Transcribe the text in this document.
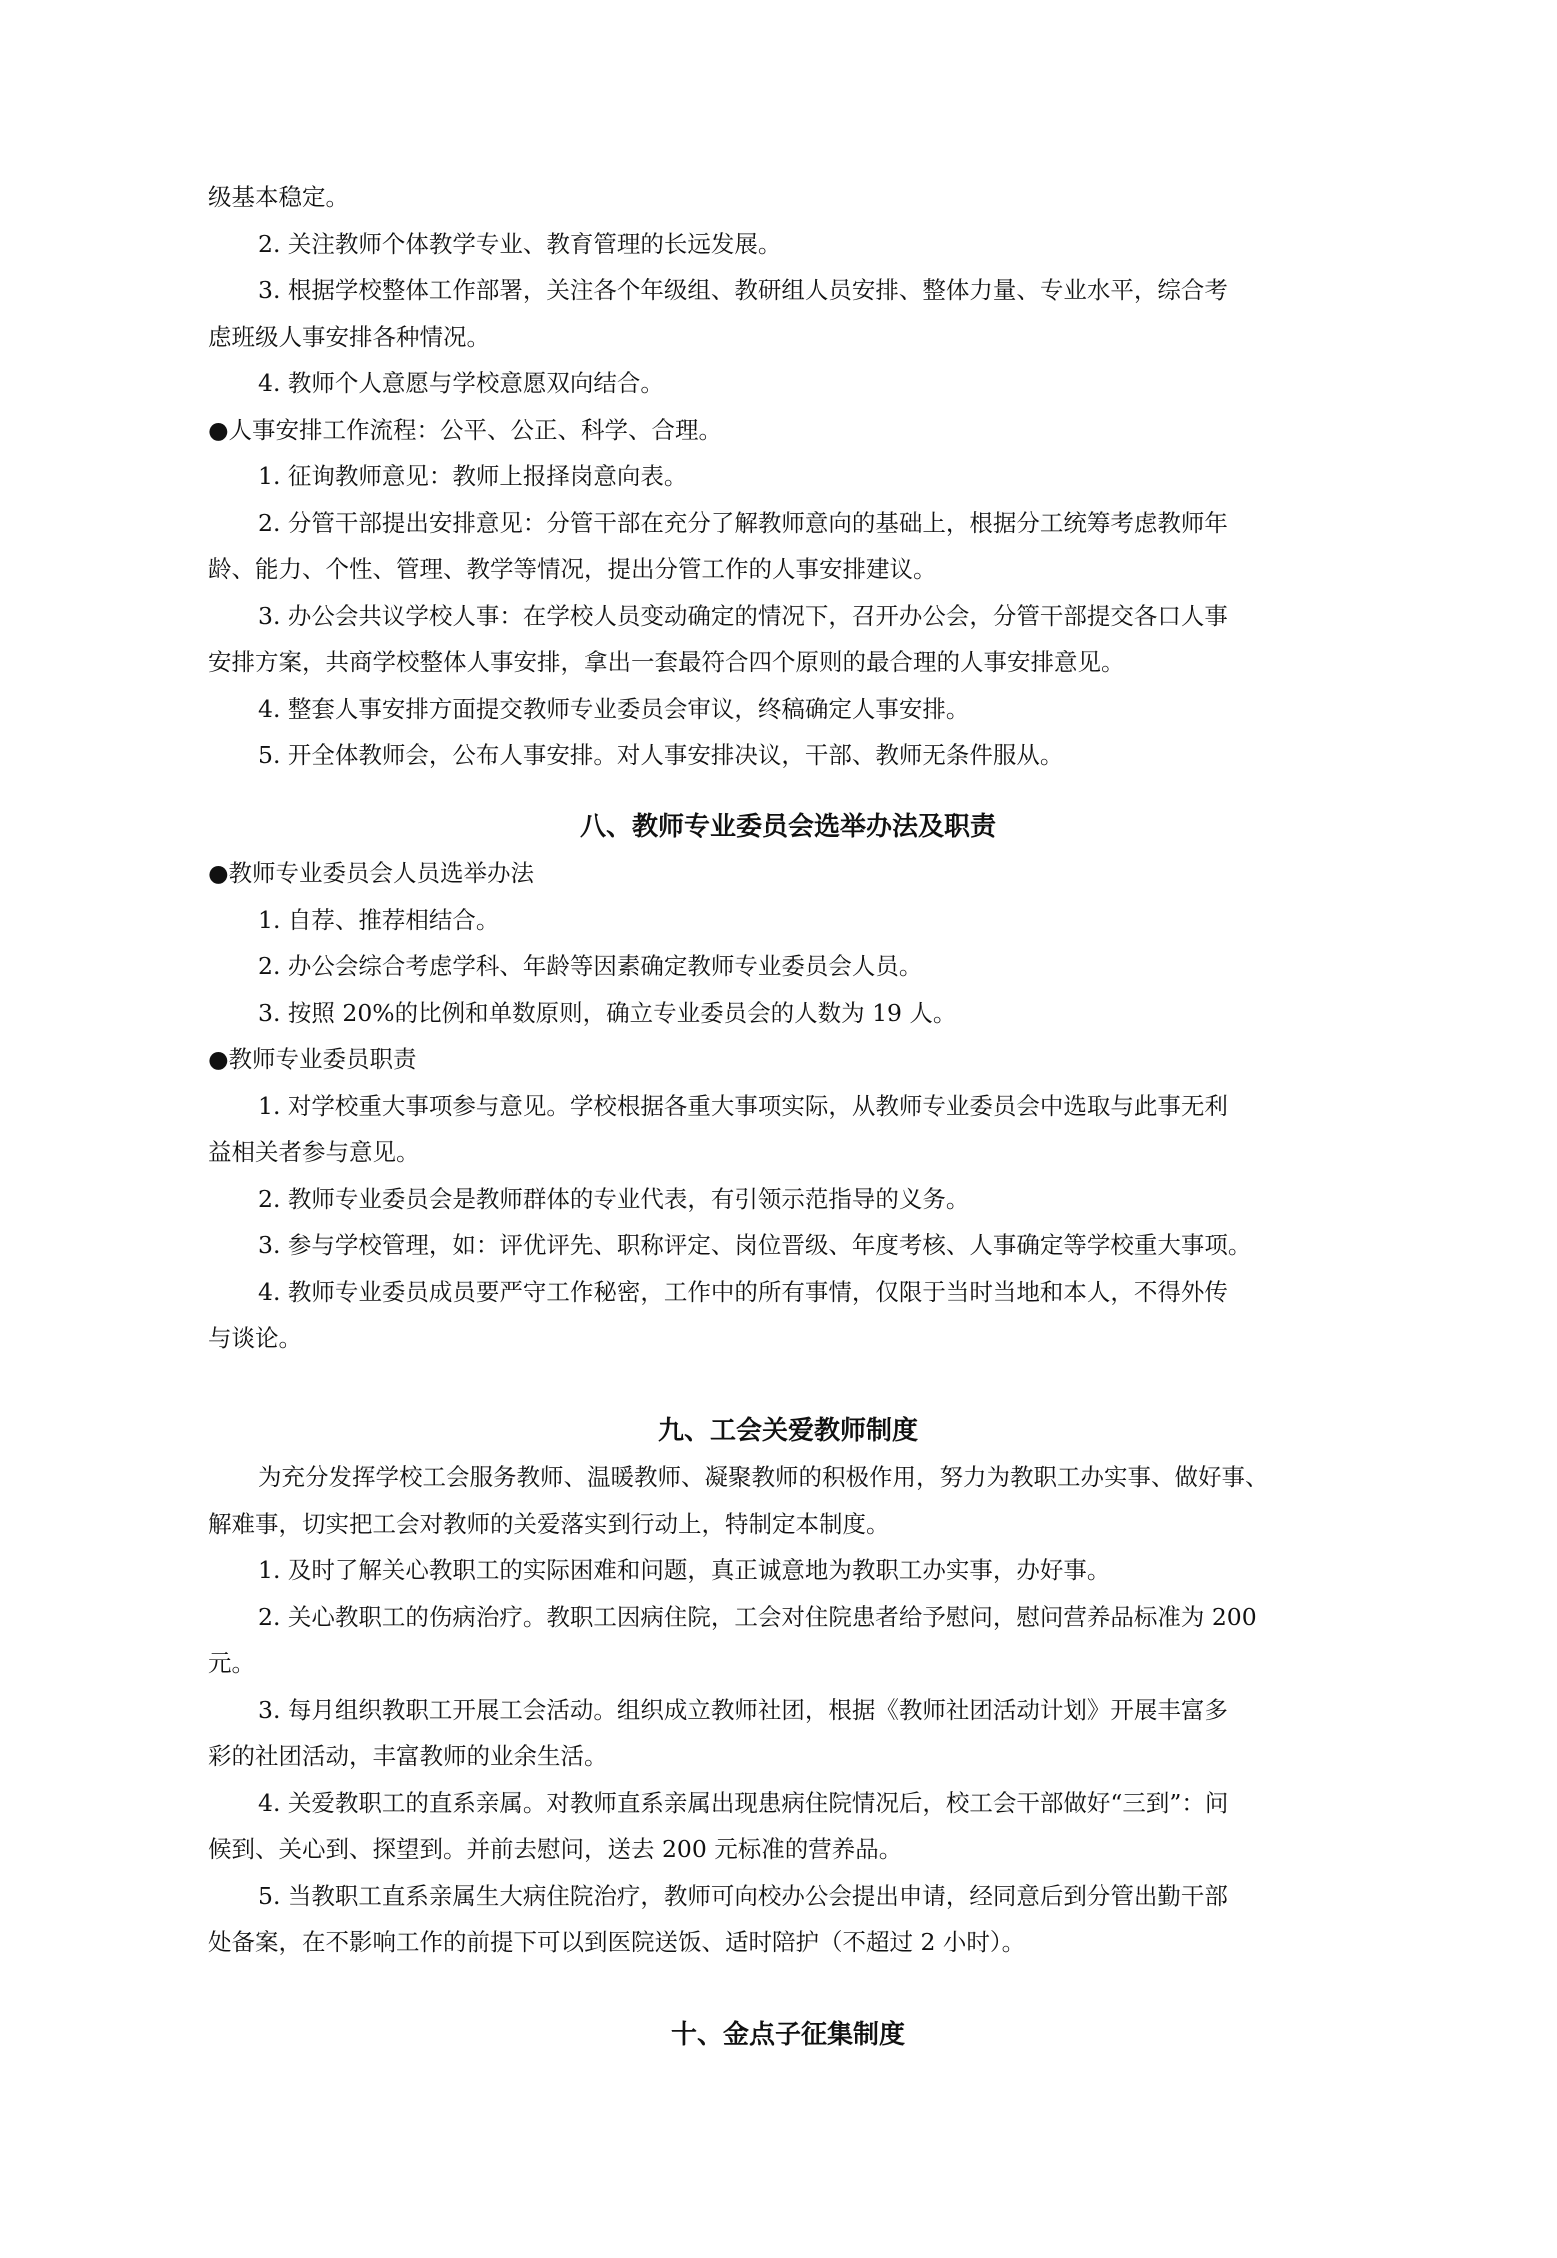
级基本稳定。
2. 关注教师个体教学专业、教育管理的长远发展。
3. 根据学校整体工作部署，关注各个年级组、教研组人员安排、整体力量、专业水平，综合考
虑班级人事安排各种情况。
4. 教师个人意愿与学校意愿双向结合。
●人事安排工作流程：公平、公正、科学、合理。
1. 征询教师意见：教师上报择岗意向表。
2. 分管干部提出安排意见：分管干部在充分了解教师意向的基础上，根据分工统筹考虑教师年
龄、能力、个性、管理、教学等情况，提出分管工作的人事安排建议。
3. 办公会共议学校人事：在学校人员变动确定的情况下，召开办公会，分管干部提交各口人事
安排方案，共商学校整体人事安排，拿出一套最符合四个原则的最合理的人事安排意见。
4. 整套人事安排方面提交教师专业委员会审议，终稿确定人事安排。
5. 开全体教师会，公布人事安排。对人事安排决议，干部、教师无条件服从。
八、教师专业委员会选举办法及职责
●教师专业委员会人员选举办法
1. 自荐、推荐相结合。
2. 办公会综合考虑学科、年龄等因素确定教师专业委员会人员。
3. 按照 20%的比例和单数原则，确立专业委员会的人数为 19 人。
●教师专业委员职责
1. 对学校重大事项参与意见。学校根据各重大事项实际，从教师专业委员会中选取与此事无利
益相关者参与意见。
2. 教师专业委员会是教师群体的专业代表，有引领示范指导的义务。
3. 参与学校管理，如：评优评先、职称评定、岗位晋级、年度考核、人事确定等学校重大事项。
4. 教师专业委员成员要严守工作秘密，工作中的所有事情，仅限于当时当地和本人，不得外传
与谈论。
九、工会关爱教师制度
为充分发挥学校工会服务教师、温暖教师、凝聚教师的积极作用，努力为教职工办实事、做好事、
解难事，切实把工会对教师的关爱落实到行动上，特制定本制度。
1. 及时了解关心教职工的实际困难和问题，真正诚意地为教职工办实事，办好事。
2. 关心教职工的伤病治疗。教职工因病住院，工会对住院患者给予慰问，慰问营养品标准为 200
元。
3. 每月组织教职工开展工会活动。组织成立教师社团，根据《教师社团活动计划》开展丰富多
彩的社团活动，丰富教师的业余生活。
4. 关爱教职工的直系亲属。对教师直系亲属出现患病住院情况后，校工会干部做好“三到”：问
候到、关心到、探望到。并前去慰问，送去 200 元标准的营养品。
5. 当教职工直系亲属生大病住院治疗，教师可向校办公会提出申请，经同意后到分管出勤干部
处备案，在不影响工作的前提下可以到医院送饭、适时陪护（不超过 2 小时）。
十、金点子征集制度
